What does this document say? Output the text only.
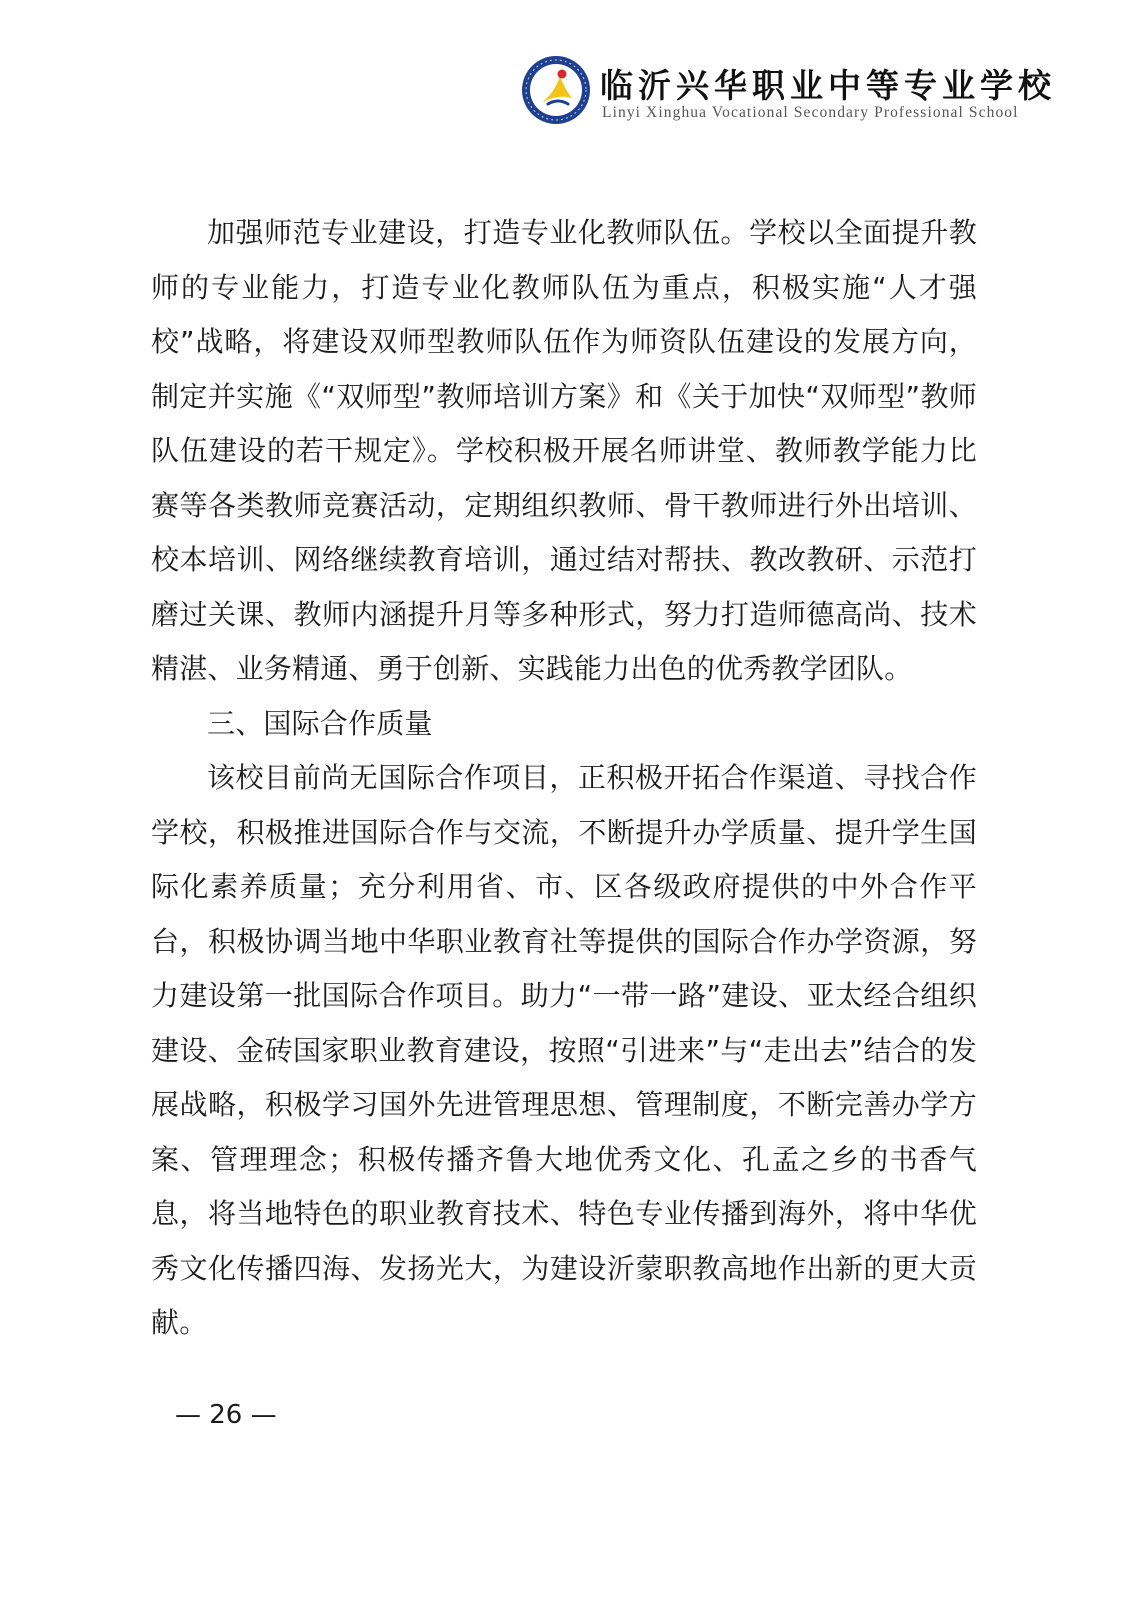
临沂兴华职业中等专业学校
Linyi Xinghua Vocational Secondary Professional School

加强师范专业建设，打造专业化教师队伍。学校以全面提升教师的专业能力，打造专业化教师队伍为重点，积极实施“人才强校”战略，将建设双师型教师队伍作为师资队伍建设的发展方向，制定并实施《“双师型”教师培训方案》和《关于加快“双师型”教师队伍建设的若干规定》。学校积极开展名师讲堂、教师教学能力比赛等各类教师竞赛活动，定期组织教师、骨干教师进行外出培训、校本培训、网络继续教育培训，通过结对帮扶、教改教研、示范打磨过关课、教师内涵提升月等多种形式，努力打造师德高尚、技术精湛、业务精通、勇于创新、实践能力出色的优秀教学团队。

三、国际合作质量

该校目前尚无国际合作项目，正积极开拓合作渠道、寻找合作学校，积极推进国际合作与交流，不断提升办学质量、提升学生国际化素养质量；充分利用省、市、区各级政府提供的中外合作平台，积极协调当地中华职业教育社等提供的国际合作办学资源，努力建设第一批国际合作项目。助力“一带一路”建设、亚太经合组织建设、金砖国家职业教育建设，按照“引进来”与“走出去”结合的发展战略，积极学习国外先进管理思想、管理制度，不断完善办学方案、管理理念；积极传播齐鲁大地优秀文化、孔孟之乡的书香气息，将当地特色的职业教育技术、特色专业传播到海外，将中华优秀文化传播四海、发扬光大，为建设沂蒙职教高地作出新的更大贡献。

— 26 —
